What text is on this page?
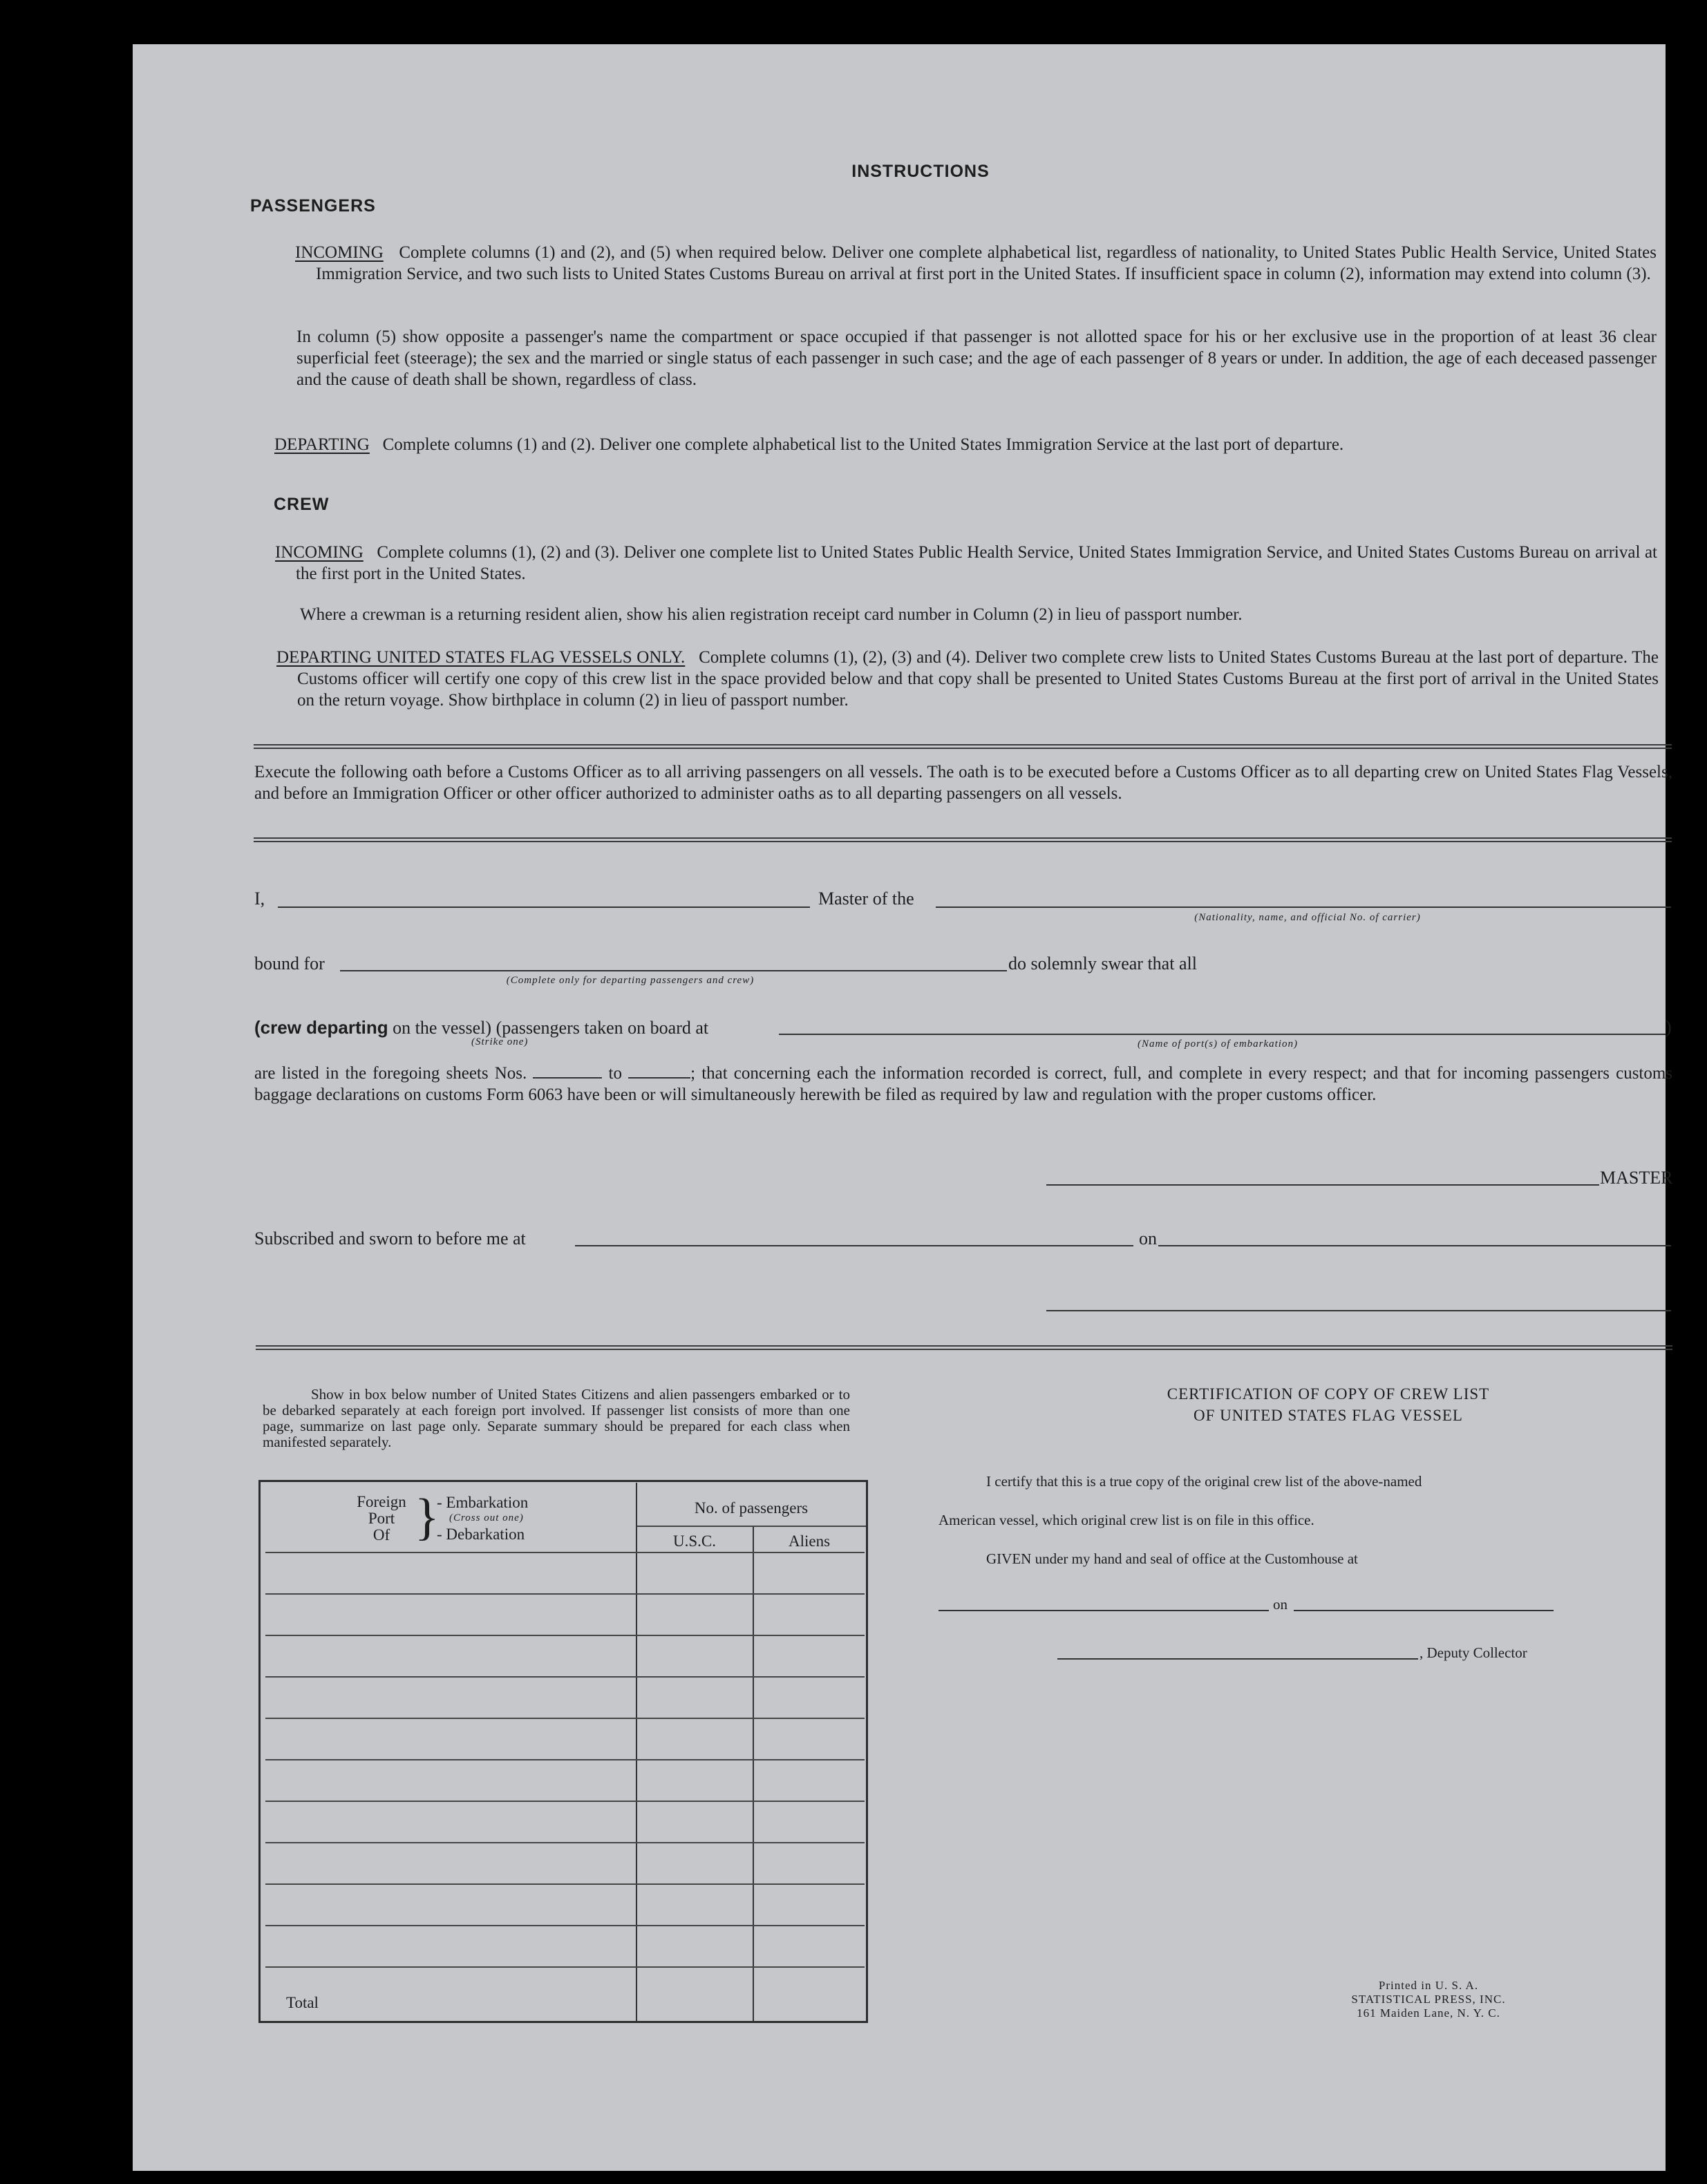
INSTRUCTIONS
PASSENGERS
INCOMING Complete columns (1) and (2), and (5) when required below. Deliver one complete alphabetical list, regardless of nationality, to United States Public Health Service, United States Immigration Service, and two such lists to United States Customs Bureau on arrival at first port in the United States. If insufficient space in column (2), information may extend into column (3).
In column (5) show opposite a passenger's name the compartment or space occupied if that passenger is not allotted space for his or her exclusive use in the proportion of at least 36 clear superficial feet (steerage); the sex and the married or single status of each passenger in such case; and the age of each passenger of 8 years or under. In addition, the age of each deceased passenger and the cause of death shall be shown, regardless of class.
DEPARTING Complete columns (1) and (2). Deliver one complete alphabetical list to the United States Immigration Service at the last port of departure.
CREW
INCOMING Complete columns (1), (2) and (3). Deliver one complete list to United States Public Health Service, United States Immigration Service, and United States Customs Bureau on arrival at the first port in the United States.
Where a crewman is a returning resident alien, show his alien registration receipt card number in Column (2) in lieu of passport number.
DEPARTING UNITED STATES FLAG VESSELS ONLY. Complete columns (1), (2), (3) and (4). Deliver two complete crew lists to United States Customs Bureau at the last port of departure. The Customs officer will certify one copy of this crew list in the space provided below and that copy shall be presented to United States Customs Bureau at the first port of arrival in the United States on the return voyage. Show birthplace in column (2) in lieu of passport number.
Execute the following oath before a Customs Officer as to all arriving passengers on all vessels. The oath is to be executed before a Customs Officer as to all departing crew on United States Flag Vessels, and before an Immigration Officer or other officer authorized to administer oaths as to all departing passengers on all vessels.
I,	Master of the
(Nationality, name, and official No. of carrier)
bound for
(Complete only for departing passengers and crew)
do solemnly swear that all
(crew departing on the vessel) (passengers taken on board at
(Strike one)
)
(Name of port(s) of embarkation)
are listed in the foregoing sheets Nos.	to	; that concerning each the information recorded is correct, full, and complete in every respect; and that for incoming passengers customs baggage declarations on customs Form 6063 have been or will simultaneously herewith be filed as required by law and regulation with the proper customs officer.
MASTER
Subscribed and sworn to before me at	on
Show in box below number of United States Citizens and alien passengers embarked or to be debarked separately at each foreign port involved. If passenger list consists of more than one page, summarize on last page only. Separate summary should be prepared for each class when manifested separately.
Foreign
Port
Of }
- Embarkation
(Cross out one)
- Debarkation
No. of passengers
U.S.C.	Aliens
Total
CERTIFICATION OF COPY OF CREW LIST
OF UNITED STATES FLAG VESSEL
I certify that this is a true copy of the original crew list of the above-named
American vessel, which original crew list is on file in this office.
GIVEN under my hand and seal of office at the Customhouse at
on
, Deputy Collector
Printed in U. S. A.
STATISTICAL PRESS, INC.
161 Maiden Lane, N. Y. C.
